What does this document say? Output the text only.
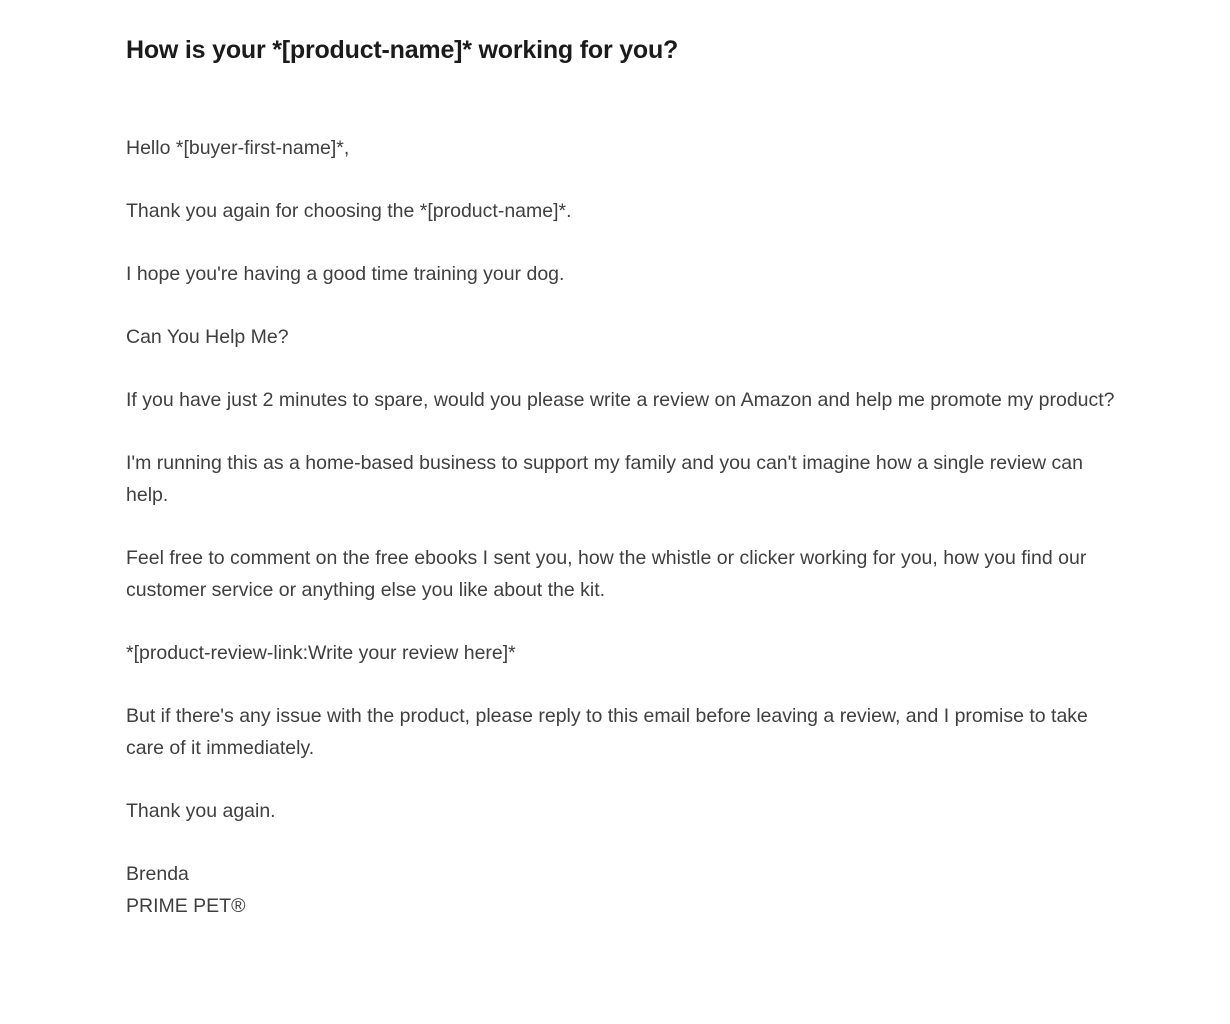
How is your *[product-name]* working for you?

Hello *[buyer-first-name]*,

Thank you again for choosing the *[product-name]*.

I hope you're having a good time training your dog.

Can You Help Me?

If you have just 2 minutes to spare, would you please write a review on Amazon and help me promote my product?

I'm running this as a home-based business to support my family and you can't imagine how a single review can help.

Feel free to comment on the free ebooks I sent you, how the whistle or clicker working for you, how you find our customer service or anything else you like about the kit.

*[product-review-link:Write your review here]*

But if there's any issue with the product, please reply to this email before leaving a review, and I promise to take care of it immediately.

Thank you again.

Brenda
PRIME PET®
